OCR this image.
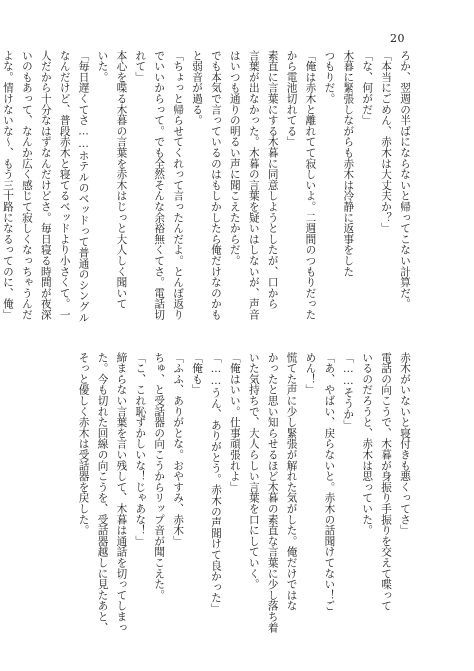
20
ろか、翌週の半ばにならないと帰ってこない計算だ。
「本当にごめん、赤木は大丈夫か？」
「な、何がだ」
木暮に緊張しながらも赤木は冷静に返事をした
つもりだ。
「俺は赤木と離れてて寂しいよ。二週間のつもりだった
から電池切れてる」
素直に言葉にする木暮に同意しようとしたが、口から
言葉が出なかった。木暮の言葉を疑いはしないが、声音
はいつも通りの明るい声に聞こえたからだ。
でも本気で言っているのはもしかしたら俺だけなのかも
と弱音が過る。
「ちょっと帰らせてくれって言ったんだよ。とんぼ返り
でいいからって。でも全然そんな余裕無くてさ。電話切
れて」
本心を喋る木暮の言葉を赤木はじっと大人しく聞いて
いた。
「毎日遅くてさ……ホテルのベッドって普通のシングル
なんだけど、普段赤木と寝てるベッドより小さくて。一
人だから十分なはずなんだけどさ。毎日寝る時間が夜深
いのもあって、なんか広く感じて寂しくなっちゃうんだ
よな。情けないな〜、もう三十路になるってのに、俺」
赤木がいないと寝付きも悪くってさ」
電話の向こうで、木暮が身振り手振りを交えて喋って
いるのだろうと、赤木は思っていた。
「……そうか」
「あ、やばい、戻らないと。赤木の話聞けてない！ご
めん！」
慌てた声に少し緊張が解れた気がした。俺だけではな
かったと思い知らせるほど木暮の素直な言葉に少し落ち着
いた気持ちで、大人らしい言葉を口にしていく。
「俺はいい。仕事頑張れよ」
「……うん、ありがとう。赤木の声聞けて良かった」
「俺も」
「ふふ、ありがとな。おやすみ、赤木」
ちゅ、と受話器の向こうからリップ音が聞こえた。
「こ、これ恥ずかしいな！じゃあな！」
締まらない言葉を言い残して、木暮は通話を切ってしまっ
た。今も切れた回線の向こうを、受話器越しに見たあと、
そっと優しく赤木は受話器を戻した。
